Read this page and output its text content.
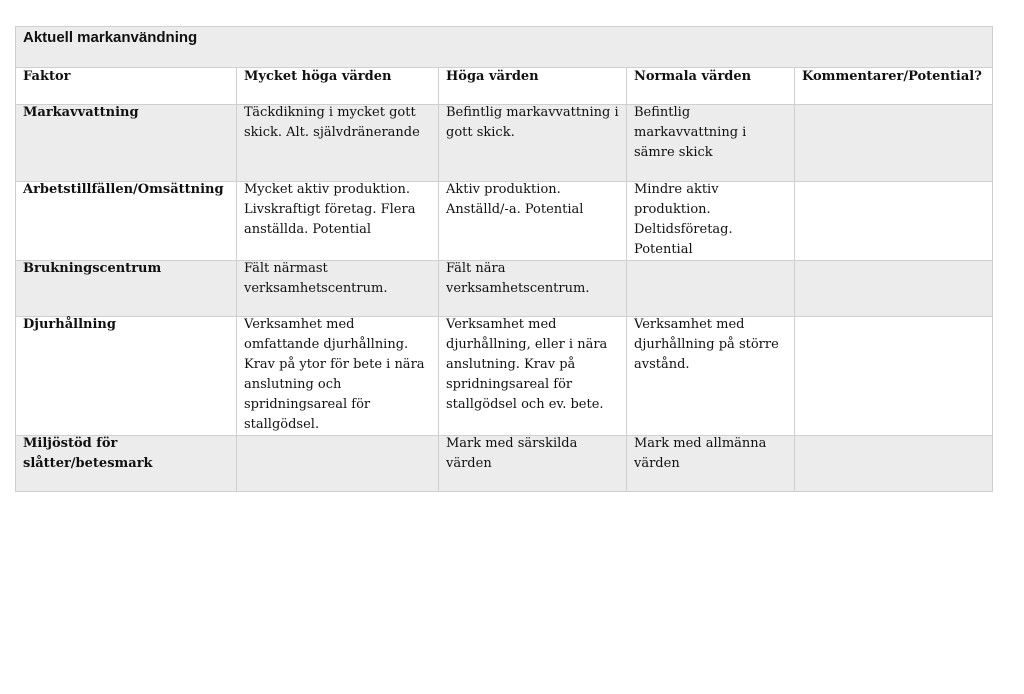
Aktuell markanvändning				

Faktor	Mycket höga värden	Höga värden	Normala värden	Kommentarer/Potential?

Markavvattning	Täckdikning i mycket gott skick. Alt. självdränerande	Befintlig markavvattning i gott skick.	Befintlig markavvattning i sämre skick	

Arbetstillfällen/Omsättning	Mycket aktiv produktion. Livskraftigt företag. Flera anställda. Potential	Aktiv produktion. Anställd/-a. Potential	Mindre aktiv produktion. Deltidsföretag. Potential	

Brukningscentrum	Fält närmast verksamhetscentrum.	Fält nära verksamhetscentrum.		

Djurhållning	Verksamhet med omfattande djurhållning. Krav på ytor för bete i nära anslutning och spridningsareal för stallgödsel.	Verksamhet med djurhållning, eller i nära anslutning. Krav på spridningsareal för stallgödsel och ev. bete.	Verksamhet med djurhållning på större avstånd.	

Miljöstöd för slåtter/betesmark		Mark med särskilda värden	Mark med allmänna värden	
